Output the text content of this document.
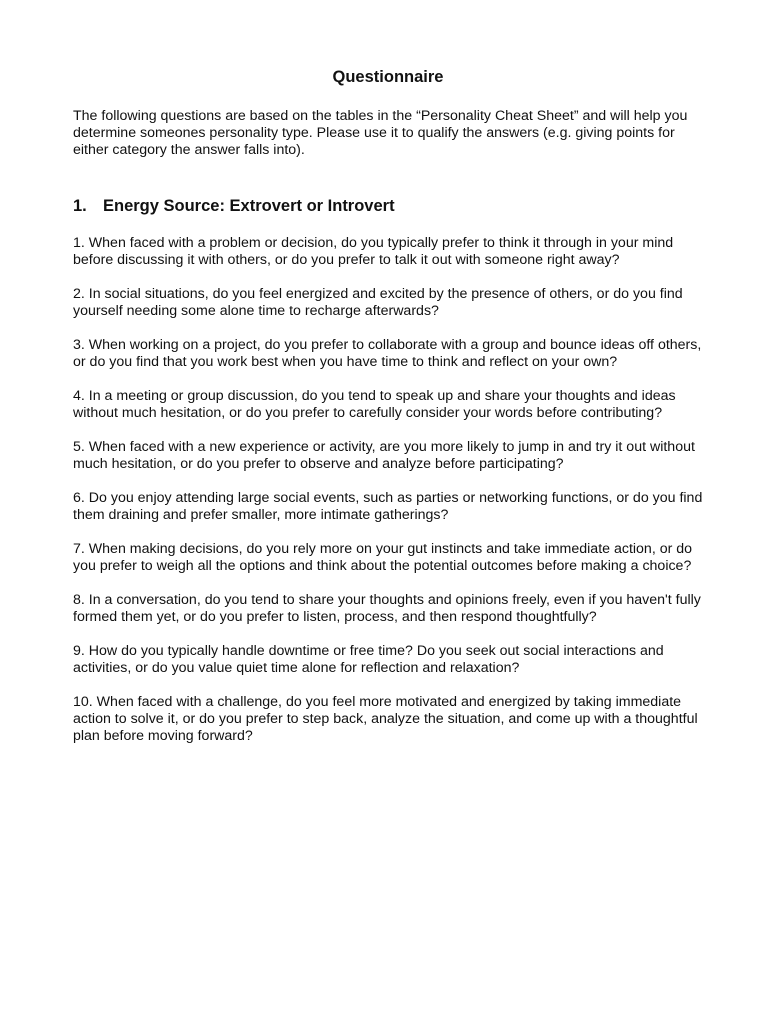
Questionnaire

The following questions are based on the tables in the “Personality Cheat Sheet” and will help you determine someones personality type. Please use it to qualify the answers (e.g. giving points for either category the answer falls into).

1. Energy Source: Extrovert or Introvert
1. When faced with a problem or decision, do you typically prefer to think it through in your mind before discussing it with others, or do you prefer to talk it out with someone right away?
2. In social situations, do you feel energized and excited by the presence of others, or do you find yourself needing some alone time to recharge afterwards?
3. When working on a project, do you prefer to collaborate with a group and bounce ideas off others, or do you find that you work best when you have time to think and reflect on your own?
4. In a meeting or group discussion, do you tend to speak up and share your thoughts and ideas without much hesitation, or do you prefer to carefully consider your words before contributing?
5. When faced with a new experience or activity, are you more likely to jump in and try it out without much hesitation, or do you prefer to observe and analyze before participating?
6. Do you enjoy attending large social events, such as parties or networking functions, or do you find them draining and prefer smaller, more intimate gatherings?
7. When making decisions, do you rely more on your gut instincts and take immediate action, or do you prefer to weigh all the options and think about the potential outcomes before making a choice?
8. In a conversation, do you tend to share your thoughts and opinions freely, even if you haven't fully formed them yet, or do you prefer to listen, process, and then respond thoughtfully?
9. How do you typically handle downtime or free time? Do you seek out social interactions and activities, or do you value quiet time alone for reflection and relaxation?
10. When faced with a challenge, do you feel more motivated and energized by taking immediate action to solve it, or do you prefer to step back, analyze the situation, and come up with a thoughtful plan before moving forward?
